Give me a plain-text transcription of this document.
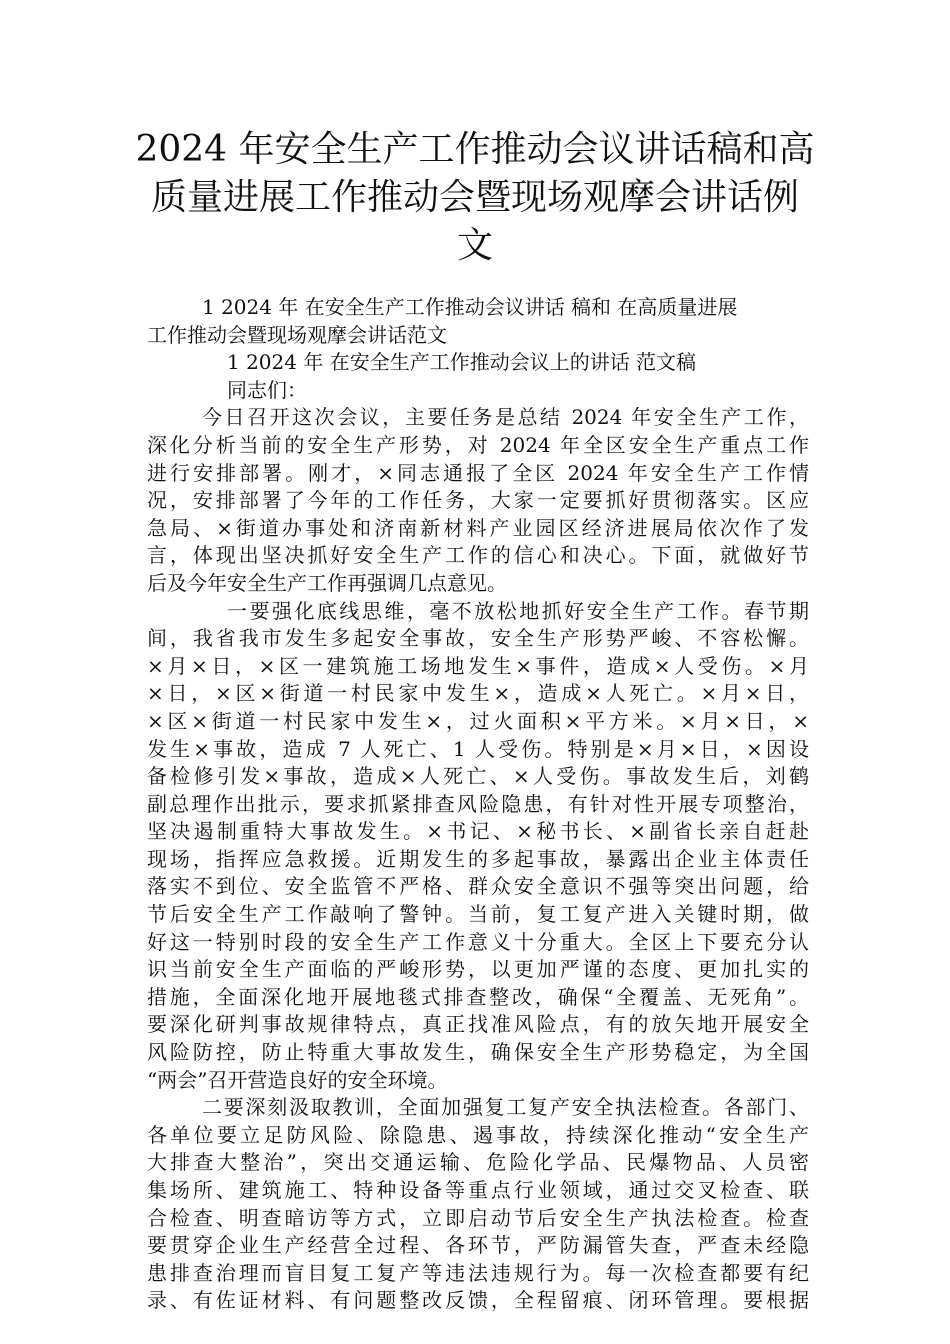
2024 年安全生产工作推动会议讲话稿和高
质量进展工作推动会暨现场观摩会讲话例
文
1 2024 年 在安全生产工作推动会议讲话 稿和 在高质量进展
工作推动会暨现场观摩会讲话范文
1 2024 年 在安全生产工作推动会议上的讲话 范文稿
同志们：
今日召开这次会议，主要任务是总结 2024 年安全生产工作，
深化分析当前的安全生产形势，对 2024 年全区安全生产重点工作
进行安排部署。刚才，×同志通报了全区 2024 年安全生产工作情
况，安排部署了今年的工作任务，大家一定要抓好贯彻落实。区应
急局、×街道办事处和济南新材料产业园区经济进展局依次作了发
言，体现出坚决抓好安全生产工作的信心和决心。下面，就做好节
后及今年安全生产工作再强调几点意见。
一要强化底线思维，毫不放松地抓好安全生产工作。春节期
间，我省我市发生多起安全事故，安全生产形势严峻、不容松懈。
×月×日，×区一建筑施工场地发生×事件，造成×人受伤。×月
×日，×区×街道一村民家中发生×，造成×人死亡。×月×日，
×区×街道一村民家中发生×，过火面积×平方米。×月×日，×
发生×事故，造成 7 人死亡、1 人受伤。特别是×月×日，×因设
备检修引发×事故，造成×人死亡、×人受伤。事故发生后，刘鹤
副总理作出批示，要求抓紧排查风险隐患，有针对性开展专项整治，
坚决遏制重特大事故发生。×书记、×秘书长、×副省长亲自赶赴
现场，指挥应急救援。近期发生的多起事故，暴露出企业主体责任
落实不到位、安全监管不严格、群众安全意识不强等突出问题，给
节后安全生产工作敲响了警钟。当前，复工复产进入关键时期，做
好这一特别时段的安全生产工作意义十分重大。全区上下要充分认
识当前安全生产面临的严峻形势，以更加严谨的态度、更加扎实的
措施，全面深化地开展地毯式排查整改，确保“全覆盖、无死角”。
要深化研判事故规律特点，真正找准风险点，有的放矢地开展安全
风险防控，防止特重大事故发生，确保安全生产形势稳定，为全国
“两会”召开营造良好的安全环境。
二要深刻汲取教训，全面加强复工复产安全执法检查。各部门、
各单位要立足防风险、除隐患、遏事故，持续深化推动“安全生产
大排查大整治”，突出交通运输、危险化学品、民爆物品、人员密
集场所、建筑施工、特种设备等重点行业领域，通过交叉检查、联
合检查、明查暗访等方式，立即启动节后安全生产执法检查。检查
要贯穿企业生产经营全过程、各环节，严防漏管失查，严查未经隐
患排查治理而盲目复工复产等违法违规行为。每一次检查都要有纪
录、有佐证材料、有问题整改反馈，全程留痕、闭环管理。要根据
